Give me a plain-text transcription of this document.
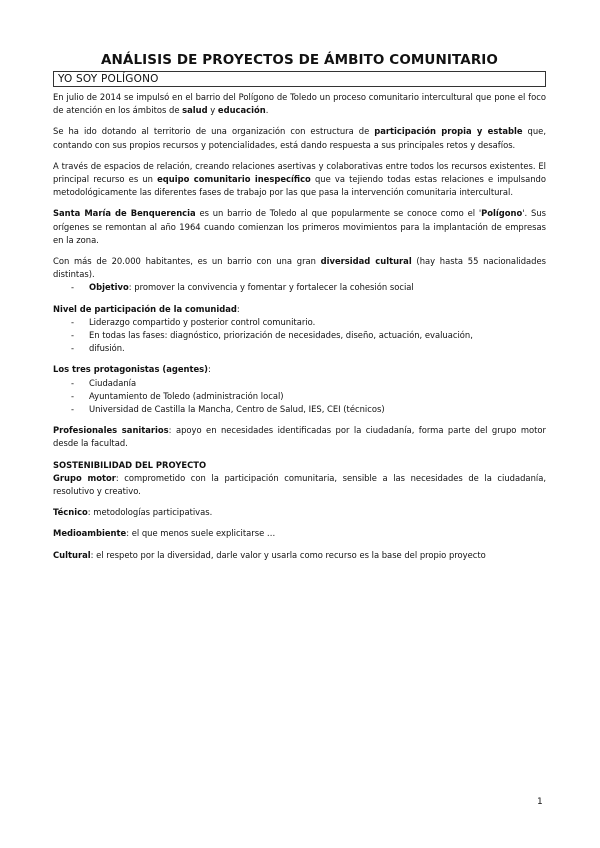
ANÁLISIS DE PROYECTOS DE ÁMBITO COMUNITARIO
YO SOY POLÍGONO

En julio de 2014 se impulsó en el barrio del Polígono de Toledo un proceso comunitario intercultural que pone el foco de atención en los ámbitos de salud y educación.

Se ha ido dotando al territorio de una organización con estructura de participación propia y estable que, contando con sus propios recursos y potencialidades, está dando respuesta a sus principales retos y desafíos.

A través de espacios de relación, creando relaciones asertivas y colaborativas entre todos los recursos existentes. El principal recurso es un equipo comunitario inespecífico que va tejiendo todas estas relaciones e impulsando metodológicamente las diferentes fases de trabajo por las que pasa la intervención comunitaria intercultural.

Santa María de Benquerencia es un barrio de Toledo al que popularmente se conoce como el 'Polígono'. Sus orígenes se remontan al año 1964 cuando comienzan los primeros movimientos para la implantación de empresas en la zona.

Con más de 20.000 habitantes, es un barrio con una gran diversidad cultural (hay hasta 55 nacionalidades distintas).

- Objetivo: promover la convivencia y fomentar y fortalecer la cohesión social

Nivel de participación de la comunidad:

- Liderazgo compartido y posterior control comunitario.
- En todas las fases: diagnóstico, priorización de necesidades, diseño, actuación, evaluación,
- difusión.

Los tres protagonistas (agentes):

- Ciudadanía
- Ayuntamiento de Toledo (administración local)
- Universidad de Castilla la Mancha, Centro de Salud, IES, CEI (técnicos)

Profesionales sanitarios: apoyo en necesidades identificadas por la ciudadanía, forma parte del grupo motor desde la facultad.

SOSTENIBILIDAD DEL PROYECTO

Grupo motor: comprometido con la participación comunitaria, sensible a las necesidades de la ciudadanía, resolutivo y creativo.

Técnico: metodologías participativas.

Medioambiente: el que menos suele explicitarse …

Cultural: el respeto por la diversidad, darle valor y usarla como recurso es la base del propio proyecto

1
